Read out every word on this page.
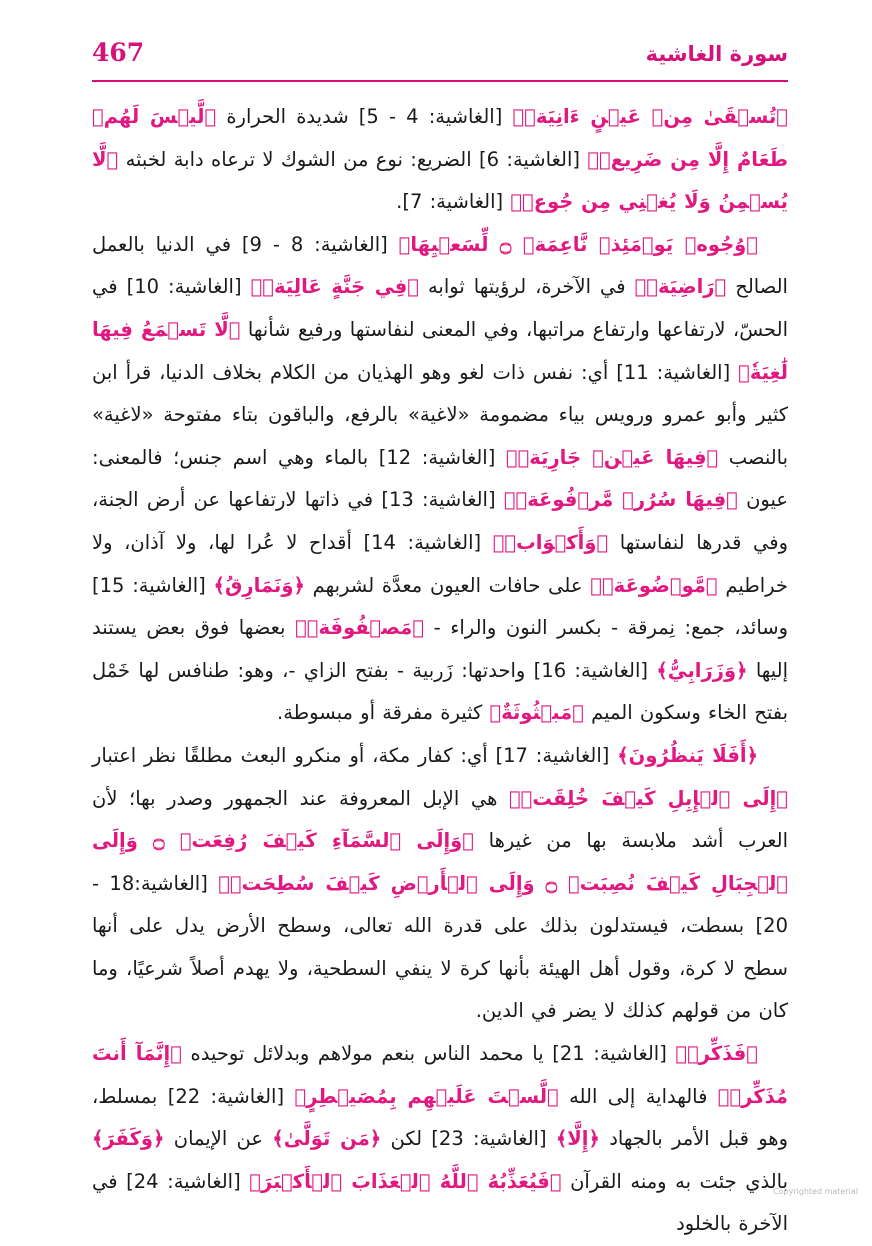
467	سورة الغاشية

﴿تُسۡقَىٰ مِنۡ عَيۡنٍ ءَانِيَةٖ﴾ [الغاشية: 4 - 5] شديدة الحرارة ﴿لَّيۡسَ لَهُمۡ طَعَامٌ إِلَّا مِن ضَرِيعٖ﴾ [الغاشية: 6] الضريع: نوع من الشوك لا ترعاه دابة لخبثه ﴿لَّا يُسۡمِنُ وَلَا يُغۡنِي مِن جُوعٖ﴾ [الغاشية: 7].

﴿وُجُوهٞ يَوۡمَئِذٖ نَّاعِمَةٞ ۝ لِّسَعۡيِهَا﴾ [الغاشية: 8 - 9] في الدنيا بالعمل الصالح ﴿رَاضِيَةٞ﴾ في الآخرة، لرؤيتها ثوابه ﴿فِي جَنَّةٍ عَالِيَةٖ﴾ [الغاشية: 10] في الحسّ، لارتفاعها وارتفاع مراتبها، وفي المعنى لنفاستها ورفيع شأنها ﴿لَّا تَسۡمَعُ فِيهَا لَٰغِيَةٗ﴾ [الغاشية: 11] أي: نفس ذات لغو وهو الهذيان من الكلام بخلاف الدنيا، قرأ ابن كثير وأبو عمرو ورويس بياء مضمومة «لاغية» بالرفع، والباقون بتاء مفتوحة «لاغية» بالنصب ﴿فِيهَا عَيۡنٞ جَارِيَةٞ﴾ [الغاشية: 12] بالماء وهي اسم جنس؛ فالمعنى: عيون ﴿فِيهَا سُرُرٞ مَّرۡفُوعَةٞ﴾ [الغاشية: 13] في ذاتها لارتفاعها عن أرض الجنة، وفي قدرها لنفاستها ﴿وَأَكۡوَابٞ﴾ [الغاشية: 14] أقداح لا عُرا لها، ولا آذان، ولا خراطيم ﴿مَّوۡضُوعَةٞ﴾ على حافات العيون معدَّة لشربهم ﴿وَنَمَارِقُ﴾ [الغاشية: 15] وسائد، جمع: نِمرقة - بكسر النون والراء - ﴿مَصۡفُوفَةٞ﴾ بعضها فوق بعض يستند إليها ﴿وَزَرَابِيُّ﴾ [الغاشية: 16] واحدتها: زَربية - بفتح الزاي -، وهو: طنافس لها خَمْل بفتح الخاء وسكون الميم ﴿مَبۡثُوثَةٌ﴾ كثيرة مفرقة أو مبسوطة.

﴿أَفَلَا يَنظُرُونَ﴾ [الغاشية: 17] أي: كفار مكة، أو منكرو البعث مطلقًا نظر اعتبار ﴿إِلَى ٱلۡإِبِلِ كَيۡفَ خُلِقَتۡ﴾ هي الإبل المعروفة عند الجمهور وصدر بها؛ لأن العرب أشد ملابسة بها من غيرها ﴿وَإِلَى ٱلسَّمَآءِ كَيۡفَ رُفِعَتۡ ۝ وَإِلَى ٱلۡجِبَالِ كَيۡفَ نُصِبَتۡ ۝ وَإِلَى ٱلۡأَرۡضِ كَيۡفَ سُطِحَتۡ﴾ [الغاشية:18 - 20] بسطت، فيستدلون بذلك على قدرة الله تعالى، وسطح الأرض يدل على أنها سطح لا كرة، وقول أهل الهيئة بأنها كرة لا ينفي السطحية، ولا يهدم أصلاً شرعيًا، وما كان من قولهم كذلك لا يضر في الدين.

﴿فَذَكِّرۡ﴾ [الغاشية: 21] يا محمد الناس بنعم مولاهم وبدلائل توحيده ﴿إِنَّمَآ أَنتَ مُذَكِّرٞ﴾ فالهداية إلى الله ﴿لَّسۡتَ عَلَيۡهِم بِمُصَيۡطِرٍ﴾ [الغاشية: 22] بمسلط، وهو قبل الأمر بالجهاد ﴿إِلَّا﴾ [الغاشية: 23] لكن ﴿مَن تَوَلَّىٰ﴾ عن الإيمان ﴿وَكَفَرَ﴾ بالذي جئت به ومنه القرآن ﴿فَيُعَذِّبُهُ ٱللَّهُ ٱلۡعَذَابَ ٱلۡأَكۡبَرَ﴾ [الغاشية: 24] في الآخرة بالخلود

Copyrighted material
